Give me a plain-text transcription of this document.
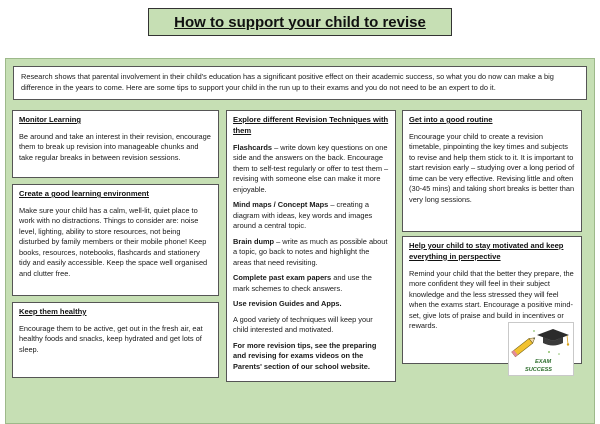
How to support your child to revise

Research shows that parental involvement in their child's education has a significant positive effect on their academic success, so what you do now can make a big difference in the years to come. Here are some tips to support your child in the run up to their exams and you do not need to be an expert to do it.

Monitor Learning

Be around and take an interest in their revision, encourage them to break up revision into manageable chunks and take regular breaks in between revision sessions.

Create a good learning environment

Make sure your child has a calm, well-lit, quiet place to work with no distractions. Things to consider are: noise level, lighting, ability to store resources, not being disturbed by family members or their mobile phone! Keep books, resources, notebooks, flashcards and stationery tidy and easily accessible. Keep the space well organised and clutter free.

Keep them healthy

Encourage them to be active, get out in the fresh air, eat healthy foods and snacks, keep hydrated and get lots of sleep.

Explore different Revision Techniques with them

Flashcards – write down key questions on one side and the answers on the back. Encourage them to self-test regularly or offer to test them – revising with someone else can make it more enjoyable.

Mind maps / Concept Maps – creating a diagram with ideas, key words and images around a central topic.

Brain dump – write as much as possible about a topic, go back to notes and highlight the areas that need revisiting.

Complete past exam papers and use the mark schemes to check answers.

Use revision Guides and Apps.

A good variety of techniques will keep your child interested and motivated.

For more revision tips, see the preparing and revising for exams videos on the Parents' section of our school website.

Get into a good routine

Encourage your child to create a revision timetable, pinpointing the key times and subjects to revise and help them stick to it. It is important to start revision early – studying over a long period of time can be very effective. Revising little and often (30-45 mins) and taking short breaks is better than very long sessions.

Help your child to stay motivated and keep everything in perspective

Remind your child that the better they prepare, the more confident they will feel in their subject knowledge and the less stressed they will feel when the exams start. Encourage a positive mind-set, give lots of praise and build in incentives or rewards.

EXAM
SUCCESS
